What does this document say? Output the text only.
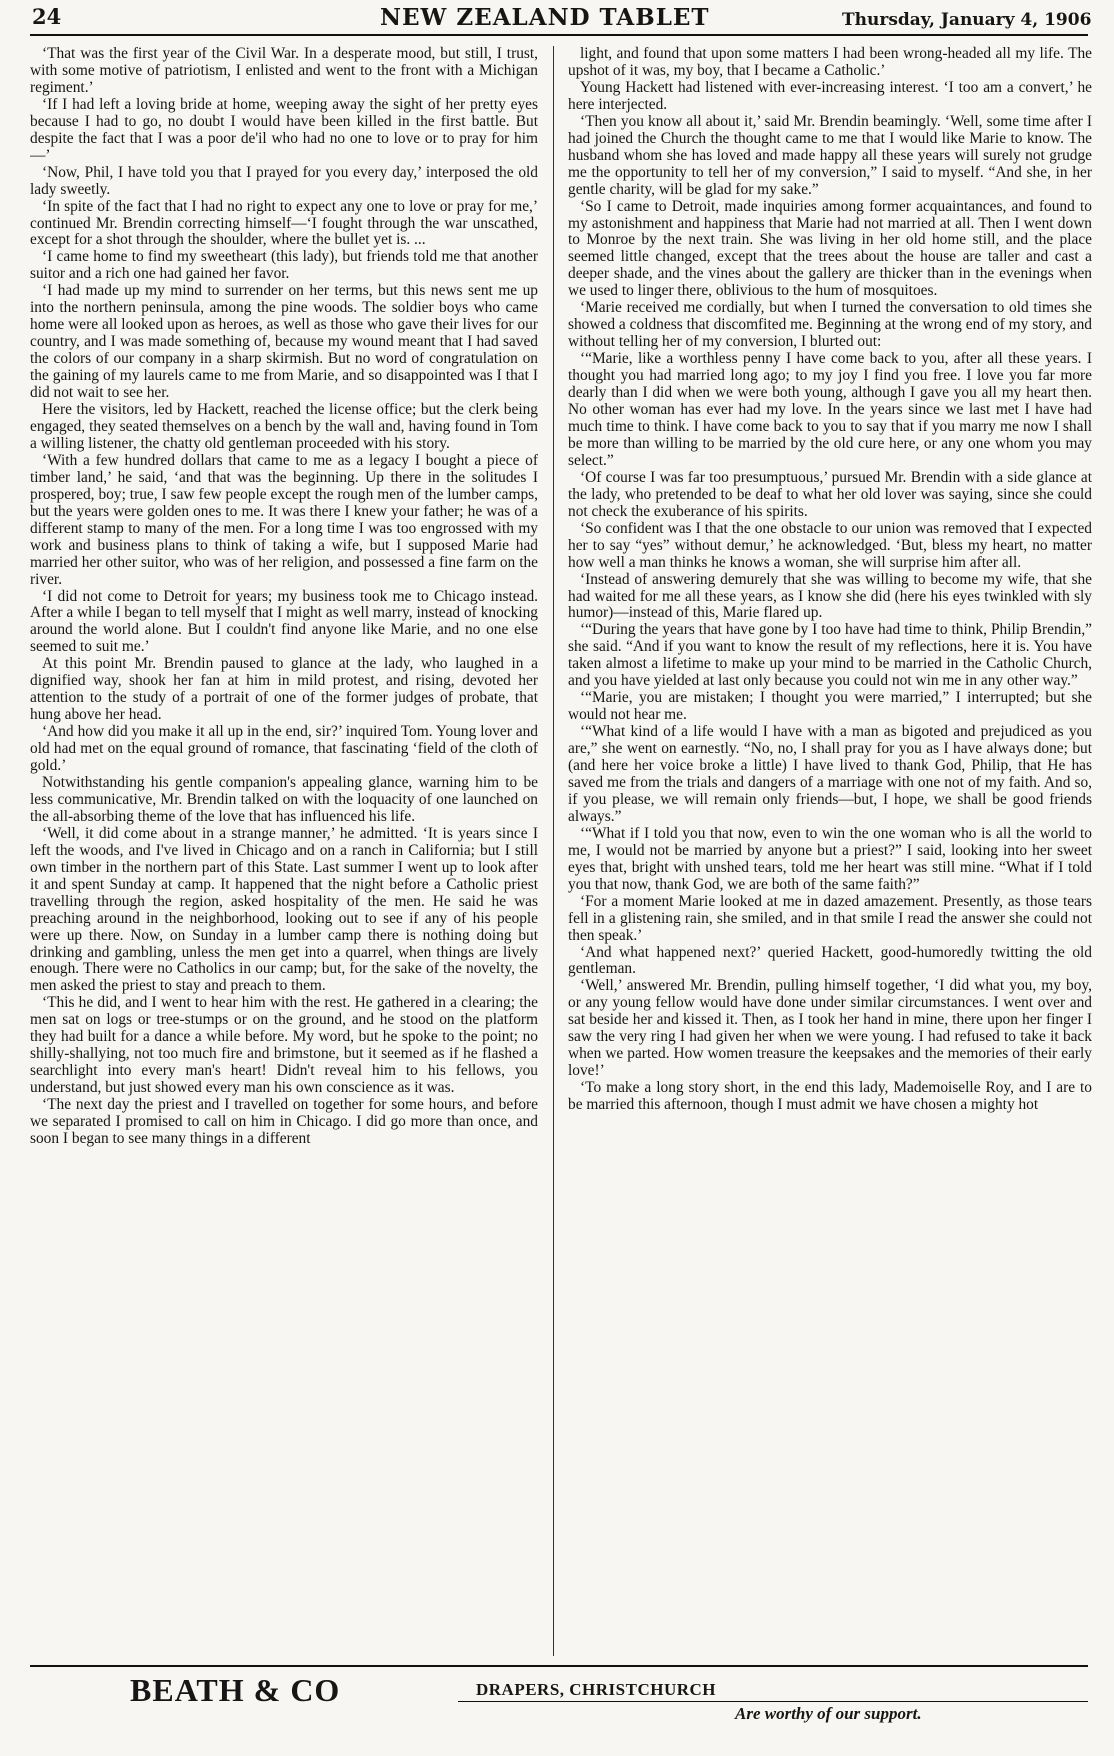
24	NEW ZEALAND TABLET	Thursday, January 4, 1906

‘That was the first year of the Civil War. In a desperate mood, but still, I trust, with some motive of patriotism, I enlisted and went to the front with a Michigan regiment.’

‘If I had left a loving bride at home, weeping away the sight of her pretty eyes because I had to go, no doubt I would have been killed in the first battle. But despite the fact that I was a poor de'il who had no one to love or to pray for him—’

‘Now, Phil, I have told you that I prayed for you every day,’ interposed the old lady sweetly.

‘In spite of the fact that I had no right to expect any one to love or pray for me,’ continued Mr. Brendin correcting himself—‘I fought through the war unscathed, except for a shot through the shoulder, where the bullet yet is. ...

‘I came home to find my sweetheart (this lady), but friends told me that another suitor and a rich one had gained her favor.

‘I had made up my mind to surrender on her terms, but this news sent me up into the northern peninsula, among the pine woods. The soldier boys who came home were all looked upon as heroes, as well as those who gave their lives for our country, and I was made something of, because my wound meant that I had saved the colors of our company in a sharp skirmish. But no word of congratulation on the gaining of my laurels came to me from Marie, and so disappointed was I that I did not wait to see her.

Here the visitors, led by Hackett, reached the license office; but the clerk being engaged, they seated themselves on a bench by the wall and, having found in Tom a willing listener, the chatty old gentleman proceeded with his story.

‘With a few hundred dollars that came to me as a legacy I bought a piece of timber land,’ he said, ‘and that was the beginning. Up there in the solitudes I prospered, boy; true, I saw few people except the rough men of the lumber camps, but the years were golden ones to me. It was there I knew your father; he was of a different stamp to many of the men. For a long time I was too engrossed with my work and business plans to think of taking a wife, but I supposed Marie had married her other suitor, who was of her religion, and possessed a fine farm on the river.

‘I did not come to Detroit for years; my business took me to Chicago instead. After a while I began to tell myself that I might as well marry, instead of knocking around the world alone. But I couldn't find anyone like Marie, and no one else seemed to suit me.’

At this point Mr. Brendin paused to glance at the lady, who laughed in a dignified way, shook her fan at him in mild protest, and rising, devoted her attention to the study of a portrait of one of the former judges of probate, that hung above her head.

‘And how did you make it all up in the end, sir?’ inquired Tom. Young lover and old had met on the equal ground of romance, that fascinating ‘field of the cloth of gold.’

Notwithstanding his gentle companion's appealing glance, warning him to be less communicative, Mr. Brendin talked on with the loquacity of one launched on the all-absorbing theme of the love that has influenced his life.

‘Well, it did come about in a strange manner,’ he admitted. ‘It is years since I left the woods, and I've lived in Chicago and on a ranch in California; but I still own timber in the northern part of this State. Last summer I went up to look after it and spent Sunday at camp. It happened that the night before a Catholic priest travelling through the region, asked hospitality of the men. He said he was preaching around in the neighborhood, looking out to see if any of his people were up there. Now, on Sunday in a lumber camp there is nothing doing but drinking and gambling, unless the men get into a quarrel, when things are lively enough. There were no Catholics in our camp; but, for the sake of the novelty, the men asked the priest to stay and preach to them.

‘This he did, and I went to hear him with the rest. He gathered in a clearing; the men sat on logs or tree-stumps or on the ground, and he stood on the platform they had built for a dance a while before. My word, but he spoke to the point; no shilly-shallying, not too much fire and brimstone, but it seemed as if he flashed a searchlight into every man's heart! Didn't reveal him to his fellows, you understand, but just showed every man his own conscience as it was.

‘The next day the priest and I travelled on together for some hours, and before we separated I promised to call on him in Chicago. I did go more than once, and soon I began to see many things in a different

light, and found that upon some matters I had been wrong-headed all my life. The upshot of it was, my boy, that I became a Catholic.’

Young Hackett had listened with ever-increasing interest. ‘I too am a convert,’ he here interjected.

‘Then you know all about it,’ said Mr. Brendin beamingly. ‘Well, some time after I had joined the Church the thought came to me that I would like Marie to know. The husband whom she has loved and made happy all these years will surely not grudge me the opportunity to tell her of my conversion,” I said to myself. “And she, in her gentle charity, will be glad for my sake.”

‘So I came to Detroit, made inquiries among former acquaintances, and found to my astonishment and happiness that Marie had not married at all. Then I went down to Monroe by the next train. She was living in her old home still, and the place seemed little changed, except that the trees about the house are taller and cast a deeper shade, and the vines about the gallery are thicker than in the evenings when we used to linger there, oblivious to the hum of mosquitoes.

‘Marie received me cordially, but when I turned the conversation to old times she showed a coldness that discomfited me. Beginning at the wrong end of my story, and without telling her of my conversion, I blurted out:

‘“Marie, like a worthless penny I have come back to you, after all these years. I thought you had married long ago; to my joy I find you free. I love you far more dearly than I did when we were both young, although I gave you all my heart then. No other woman has ever had my love. In the years since we last met I have had much time to think. I have come back to you to say that if you marry me now I shall be more than willing to be married by the old cure here, or any one whom you may select.”

‘Of course I was far too presumptuous,’ pursued Mr. Brendin with a side glance at the lady, who pretended to be deaf to what her old lover was saying, since she could not check the exuberance of his spirits.

‘So confident was I that the one obstacle to our union was removed that I expected her to say “yes” without demur,’ he acknowledged. ‘But, bless my heart, no matter how well a man thinks he knows a woman, she will surprise him after all.

‘Instead of answering demurely that she was willing to become my wife, that she had waited for me all these years, as I know she did (here his eyes twinkled with sly humor)—instead of this, Marie flared up.

‘“During the years that have gone by I too have had time to think, Philip Brendin,” she said. “And if you want to know the result of my reflections, here it is. You have taken almost a lifetime to make up your mind to be married in the Catholic Church, and you have yielded at last only because you could not win me in any other way.”

‘“Marie, you are mistaken; I thought you were married,” I interrupted; but she would not hear me.

‘“What kind of a life would I have with a man as bigoted and prejudiced as you are,” she went on earnestly. “No, no, I shall pray for you as I have always done; but (and here her voice broke a little) I have lived to thank God, Philip, that He has saved me from the trials and dangers of a marriage with one not of my faith. And so, if you please, we will remain only friends—but, I hope, we shall be good friends always.”

‘“What if I told you that now, even to win the one woman who is all the world to me, I would not be married by anyone but a priest?” I said, looking into her sweet eyes that, bright with unshed tears, told me her heart was still mine. “What if I told you that now, thank God, we are both of the same faith?”

‘For a moment Marie looked at me in dazed amazement. Presently, as those tears fell in a glistening rain, she smiled, and in that smile I read the answer she could not then speak.’

‘And what happened next?’ queried Hackett, good-humoredly twitting the old gentleman.

‘Well,’ answered Mr. Brendin, pulling himself together, ‘I did what you, my boy, or any young fellow would have done under similar circumstances. I went over and sat beside her and kissed it. Then, as I took her hand in mine, there upon her finger I saw the very ring I had given her when we were young. I had refused to take it back when we parted. How women treasure the keepsakes and the memories of their early love!’

‘To make a long story short, in the end this lady, Mademoiselle Roy, and I are to be married this afternoon, though I must admit we have chosen a mighty hot

BEATH & CO	DRAPERS, CHRISTCHURCH
Are worthy of our support.
